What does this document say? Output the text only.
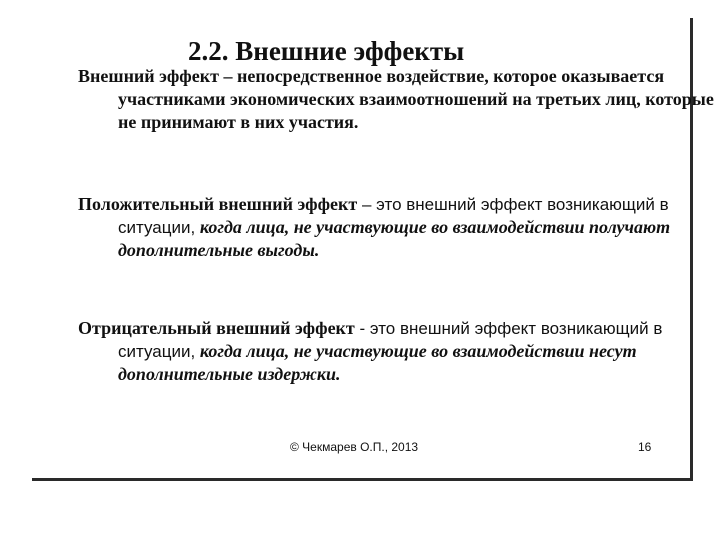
2.2. Внешние эффекты

Внешний эффект – непосредственное воздействие, которое оказывается участниками экономических взаимоотношений на третьих лиц, которые не принимают в них участия.

Положительный внешний эффект – это внешний эффект возникающий в ситуации, когда лица, не участвующие во взаимодействии получают дополнительные выгоды.

Отрицательный внешний эффект - это внешний эффект возникающий в ситуации, когда лица, не участвующие во взаимодействии несут дополнительные издержки.

© Чекмарев О.П., 2013	16
